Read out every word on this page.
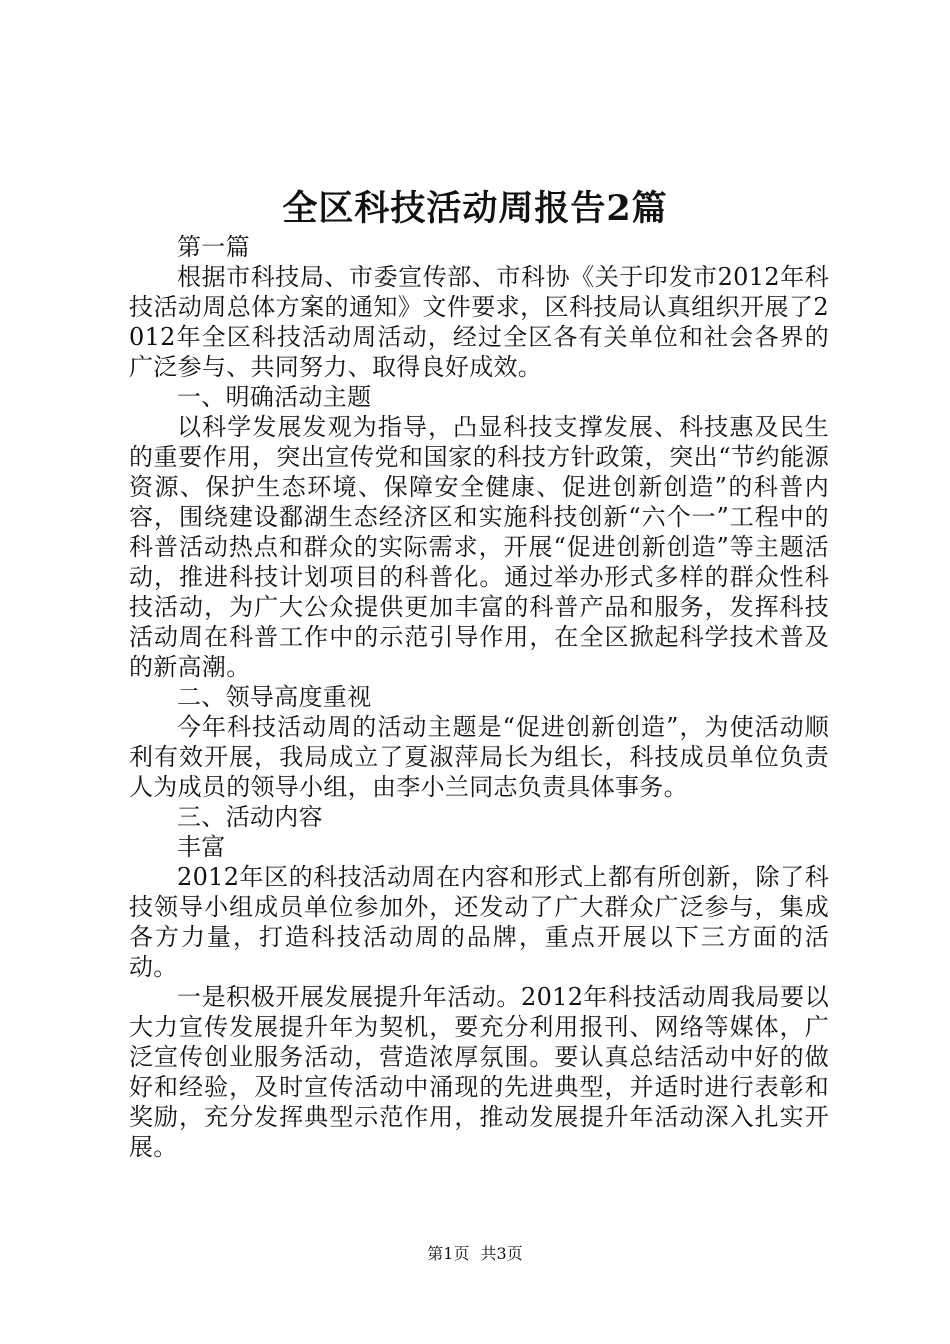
全区科技活动周报告2篇

第一篇

根据市科技局、市委宣传部、市科协《关于印发市2012年科技活动周总体方案的通知》文件要求，区科技局认真组织开展了2012年全区科技活动周活动，经过全区各有关单位和社会各界的广泛参与、共同努力、取得良好成效。

一、明确活动主题

以科学发展发观为指导，凸显科技支撑发展、科技惠及民生的重要作用，突出宣传党和国家的科技方针政策，突出“节约能源资源、保护生态环境、保障安全健康、促进创新创造”的科普内容，围绕建设鄱湖生态经济区和实施科技创新“六个一”工程中的科普活动热点和群众的实际需求，开展“促进创新创造”等主题活动，推进科技计划项目的科普化。通过举办形式多样的群众性科技活动，为广大公众提供更加丰富的科普产品和服务，发挥科技活动周在科普工作中的示范引导作用，在全区掀起科学技术普及的新高潮。

二、领导高度重视

今年科技活动周的活动主题是“促进创新创造”，为使活动顺利有效开展，我局成立了夏淑萍局长为组长，科技成员单位负责人为成员的领导小组，由李小兰同志负责具体事务。

三、活动内容

丰富

2012年区的科技活动周在内容和形式上都有所创新，除了科技领导小组成员单位参加外，还发动了广大群众广泛参与，集成各方力量，打造科技活动周的品牌，重点开展以下三方面的活动。

一是积极开展发展提升年活动。2012年科技活动周我局要以大力宣传发展提升年为契机，要充分利用报刊、网络等媒体，广泛宣传创业服务活动，营造浓厚氛围。要认真总结活动中好的做好和经验，及时宣传活动中涌现的先进典型，并适时进行表彰和奖励，充分发挥典型示范作用，推动发展提升年活动深入扎实开展。

第1页 共3页
